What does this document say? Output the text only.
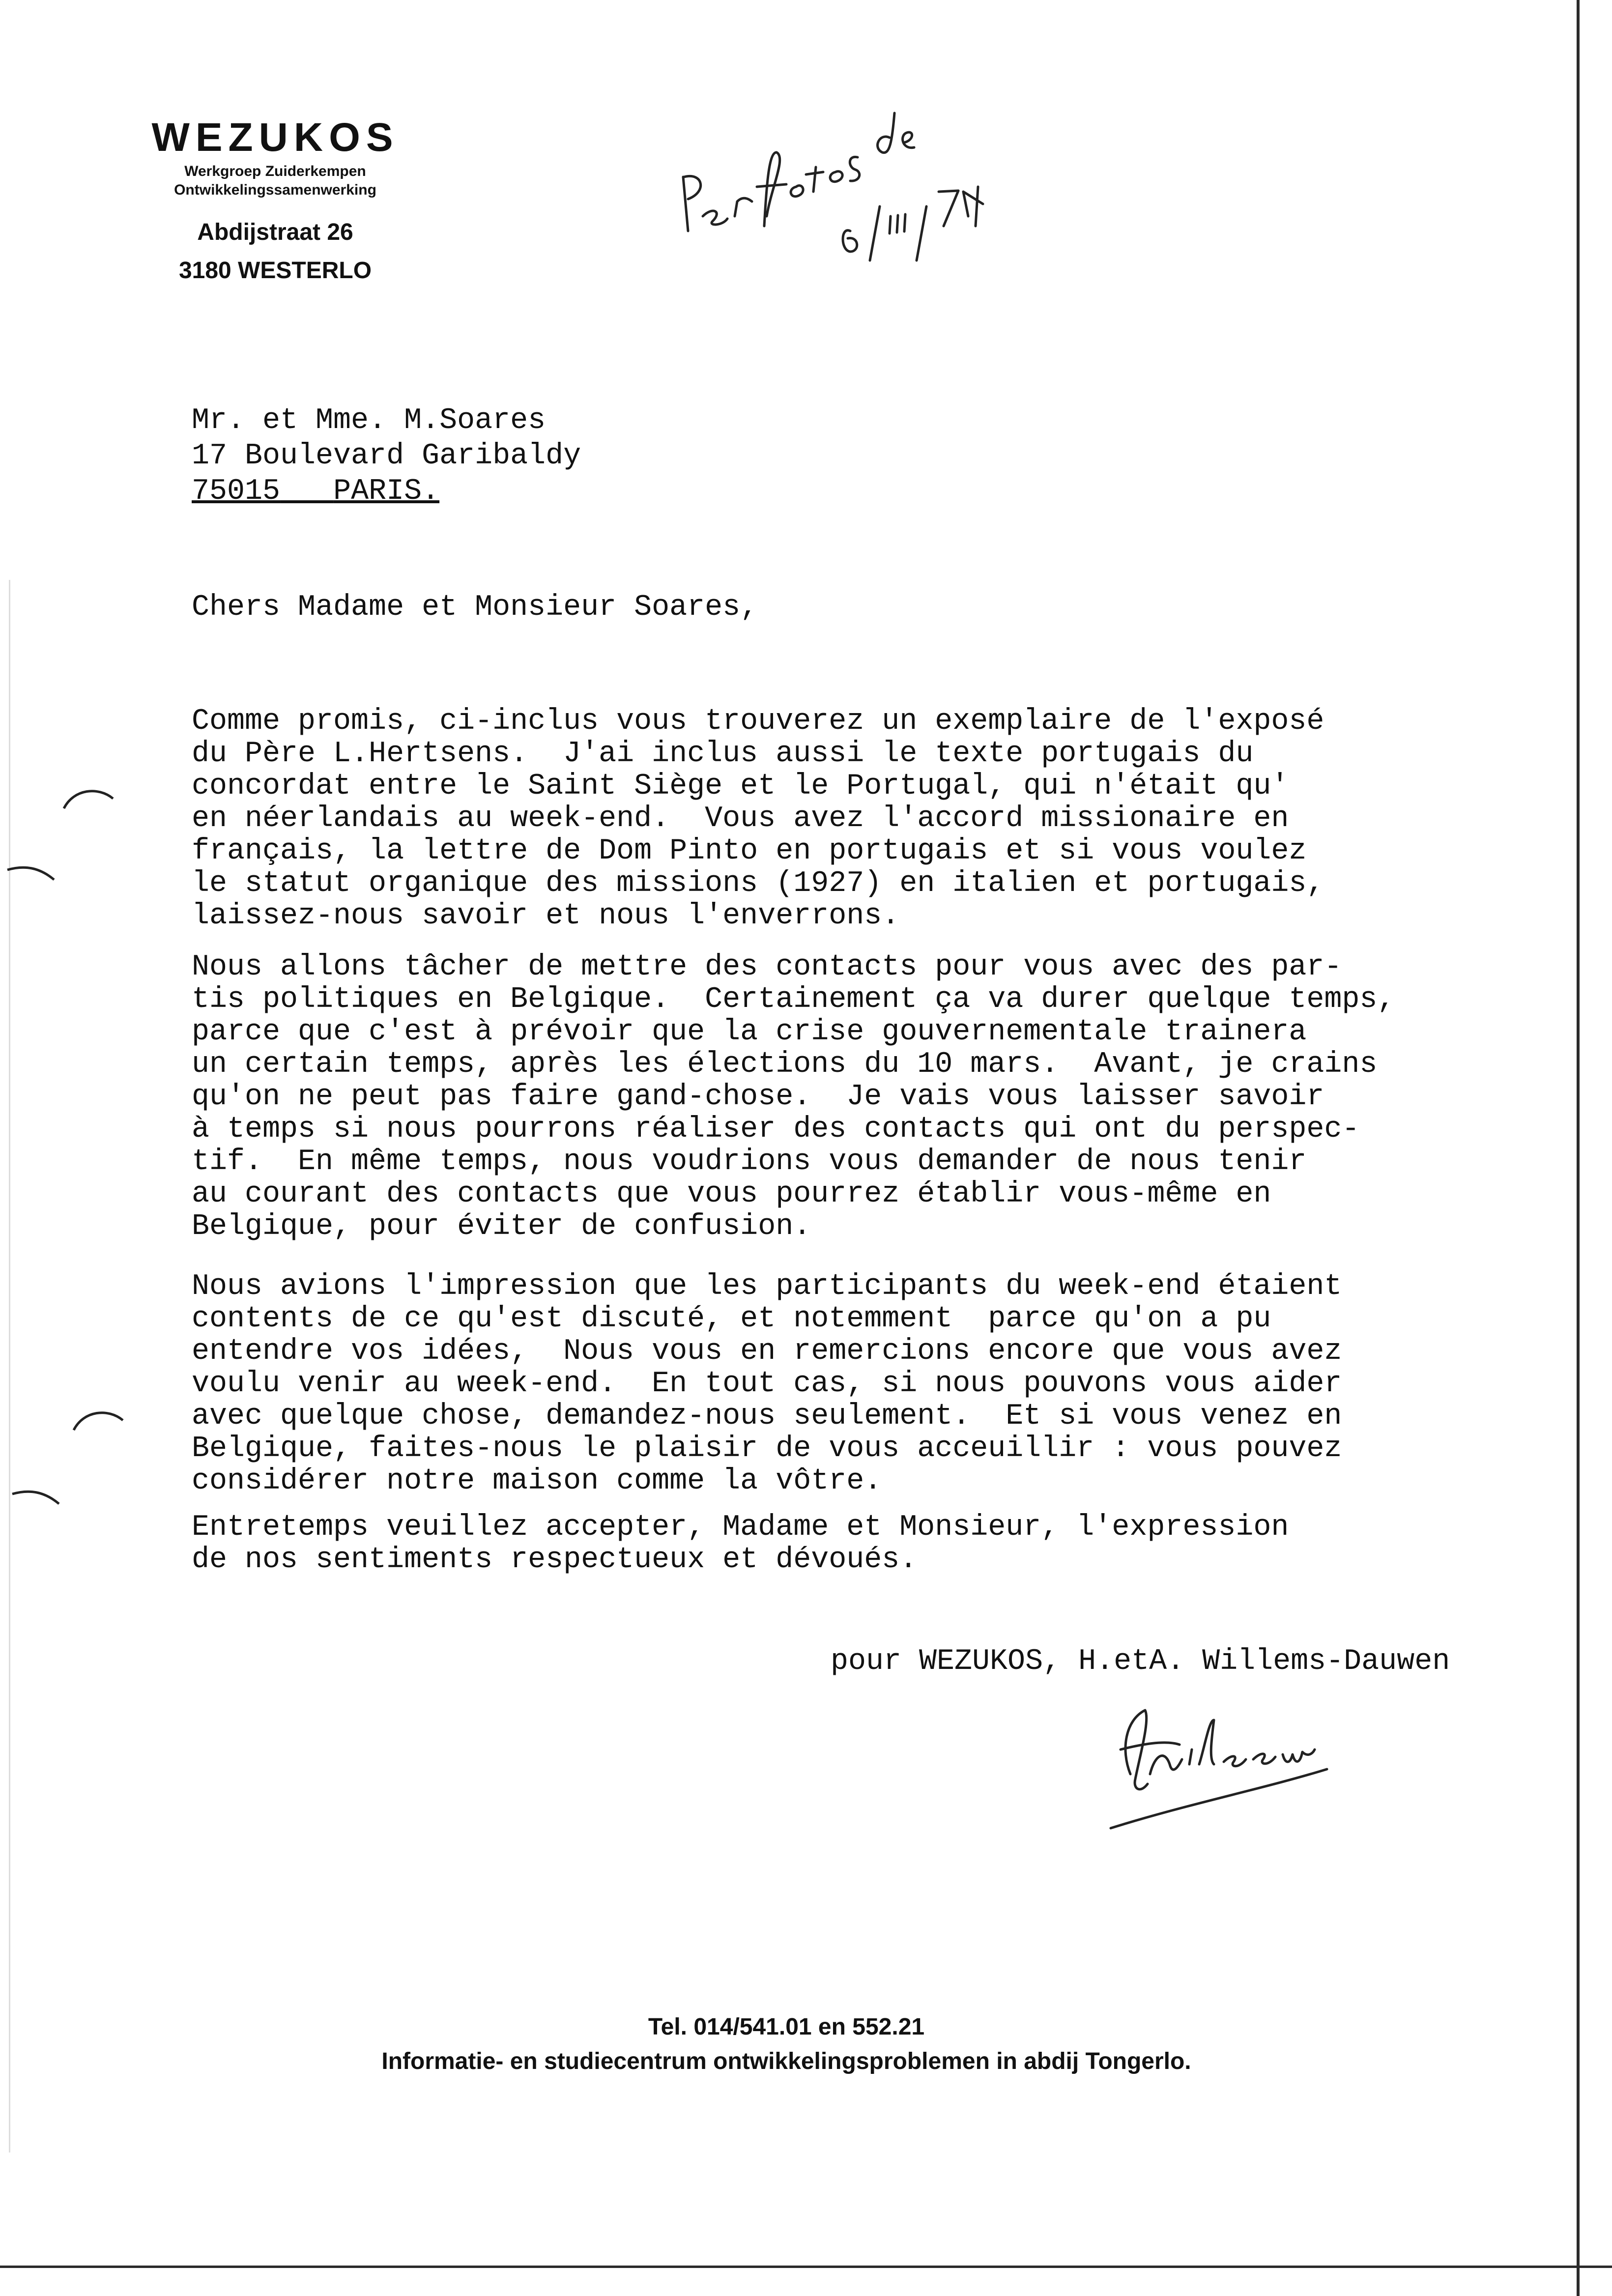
WEZUKOS

Werkgroep Zuiderkempen

Ontwikkelingssamenwerking

Abdijstraat 26

3180 WESTERLO

Mr. et Mme. M.Soares
17 Boulevard Garibaldy
75015 PARIS.
Chers Madame et Monsieur Soares,
Comme promis, ci-inclus vous trouverez un exemplaire de l'exposé
du Père L.Hertsens.  J'ai inclus aussi le texte portugais du
concordat entre le Saint Siège et le Portugal, qui n'était qu'
en néerlandais au week-end.  Vous avez l'accord missionaire en
français, la lettre de Dom Pinto en portugais et si vous voulez
le statut organique des missions (1927) en italien et portugais,
laissez-nous savoir et nous l'enverrons.
Nous allons tâcher de mettre des contacts pour vous avec des par-
tis politiques en Belgique.  Certainement ça va durer quelque temps,
parce que c'est à prévoir que la crise gouvernementale trainera
un certain temps, après les élections du 10 mars.  Avant, je crains
qu'on ne peut pas faire gand-chose.  Je vais vous laisser savoir
à temps si nous pourrons réaliser des contacts qui ont du perspec-
tif.  En même temps, nous voudrions vous demander de nous tenir
au courant des contacts que vous pourrez établir vous-même en
Belgique, pour éviter de confusion.
Nous avions l'impression que les participants du week-end étaient
contents de ce qu'est discuté, et notemment  parce qu'on a pu
entendre vos idées,  Nous vous en remercions encore que vous avez
voulu venir au week-end.  En tout cas, si nous pouvons vous aider
avec quelque chose, demandez-nous seulement.  Et si vous venez en
Belgique, faites-nous le plaisir de vous acceuillir : vous pouvez
considérer notre maison comme la vôtre.
Entretemps veuillez accepter, Madame et Monsieur, l'expression
de nos sentiments respectueux et dévoués.
pour WEZUKOS, H.etA. Willems-Dauwen

Tel. 014/541.01 en 552.21

Informatie- en studiecentrum ontwikkelingsproblemen in abdij Tongerlo.
